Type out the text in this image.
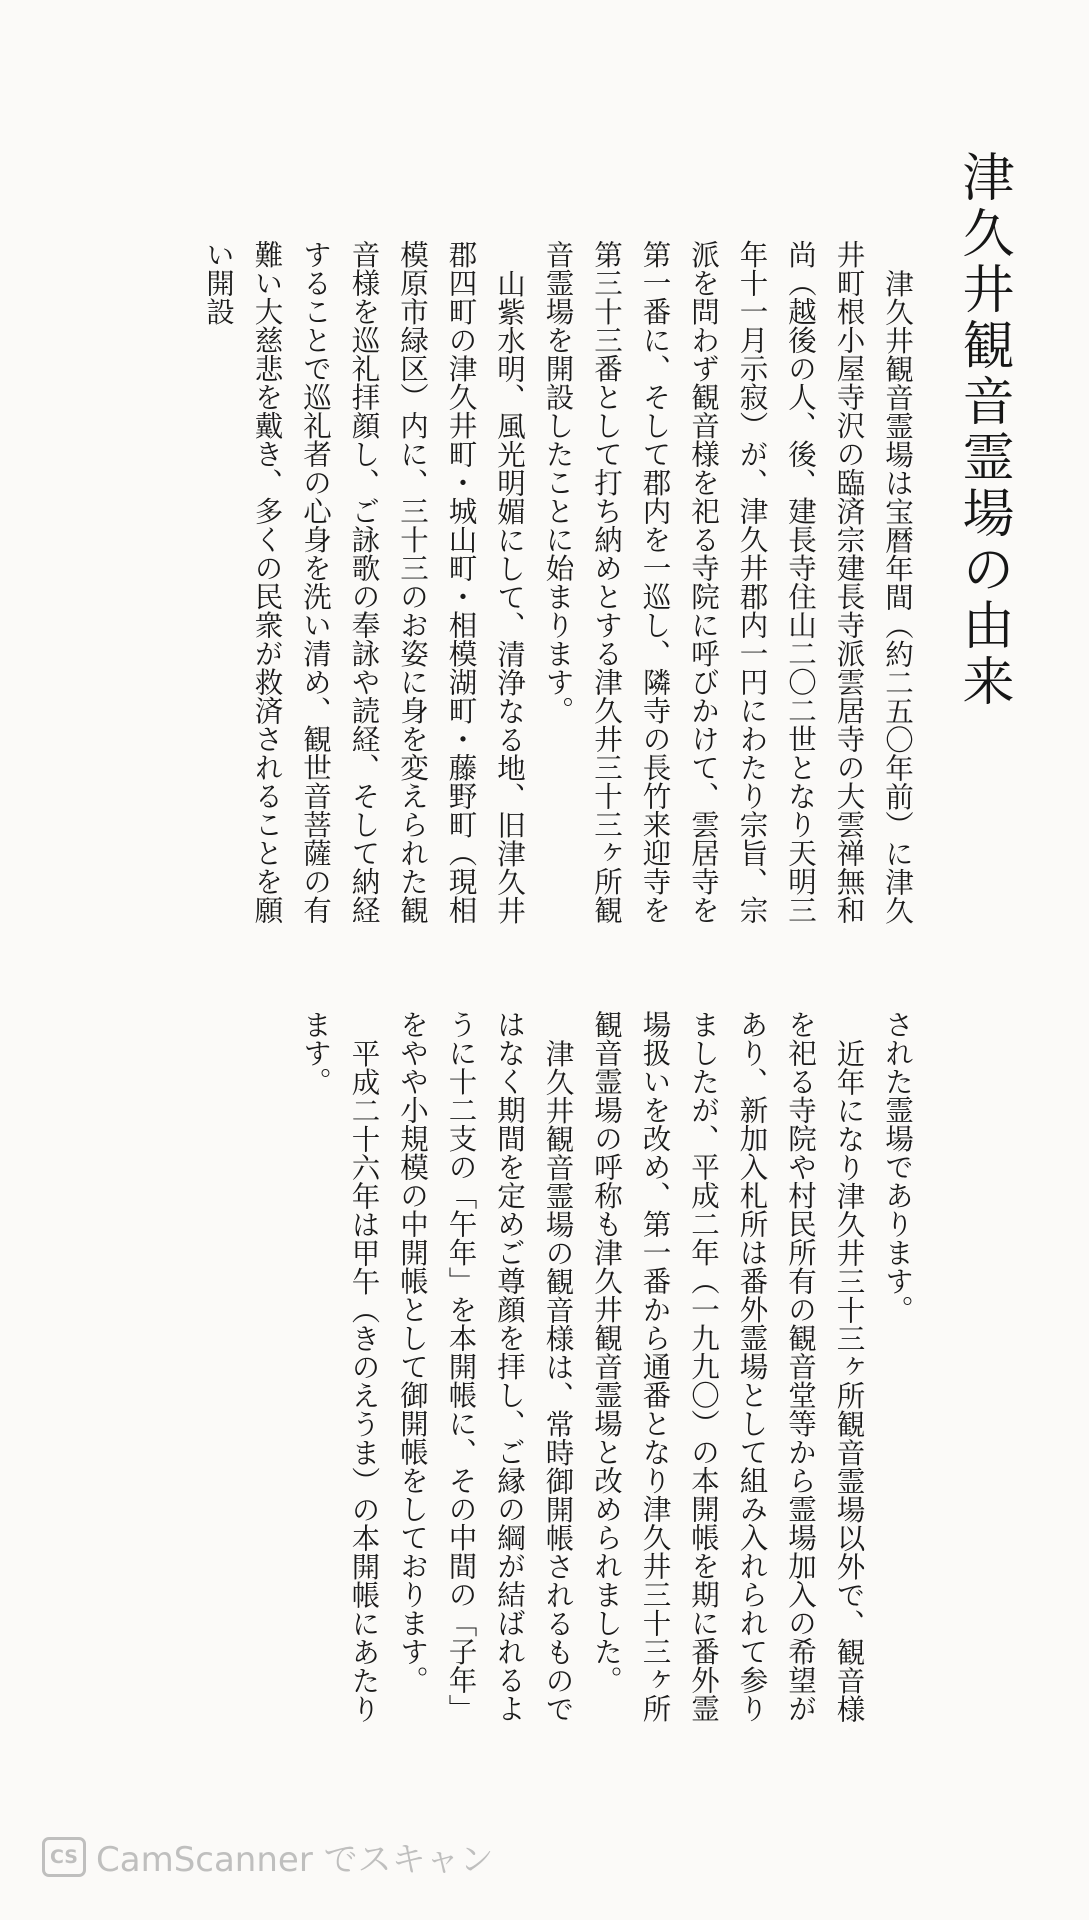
津久井観音霊場の由来

津久井観音霊場は宝暦年間（約二五〇年前）に津久井町根小屋寺沢の臨済宗建長寺派雲居寺の大雲禅無和尚（越後の人、後、建長寺住山二〇二世となり天明三年十一月示寂）が、津久井郡内一円にわたり宗旨、宗派を問わず観音様を祀る寺院に呼びかけて、雲居寺を第一番に、そして郡内を一巡し、隣寺の長竹来迎寺を第三十三番として打ち納めとする津久井三十三ヶ所観音霊場を開設したことに始まります。

山紫水明、風光明媚にして、清浄なる地、旧津久井郡四町の津久井町・城山町・相模湖町・藤野町（現相模原市緑区）内に、三十三のお姿に身を変えられた観音様を巡礼拝顔し、ご詠歌の奉詠や読経、そして納経することで巡礼者の心身を洗い清め、観世音菩薩の有難い大慈悲を戴き、多くの民衆が救済されることを願い開設

された霊場であります。

近年になり津久井三十三ヶ所観音霊場以外で、観音様を祀る寺院や村民所有の観音堂等から霊場加入の希望があり、新加入札所は番外霊場として組み入れられて参りましたが、平成二年（一九九〇）の本開帳を期に番外霊場扱いを改め、第一番から通番となり津久井三十三ヶ所観音霊場の呼称も津久井観音霊場と改められました。

津久井観音霊場の観音様は、常時御開帳されるものではなく期間を定めご尊顔を拝し、ご縁の綱が結ばれるように十二支の「午年」を本開帳に、その中間の「子年」をやや小規模の中開帳として御開帳をしております。

平成二十六年は甲午（きのえうま）の本開帳にあたります。

CS CamScanner でスキャン
